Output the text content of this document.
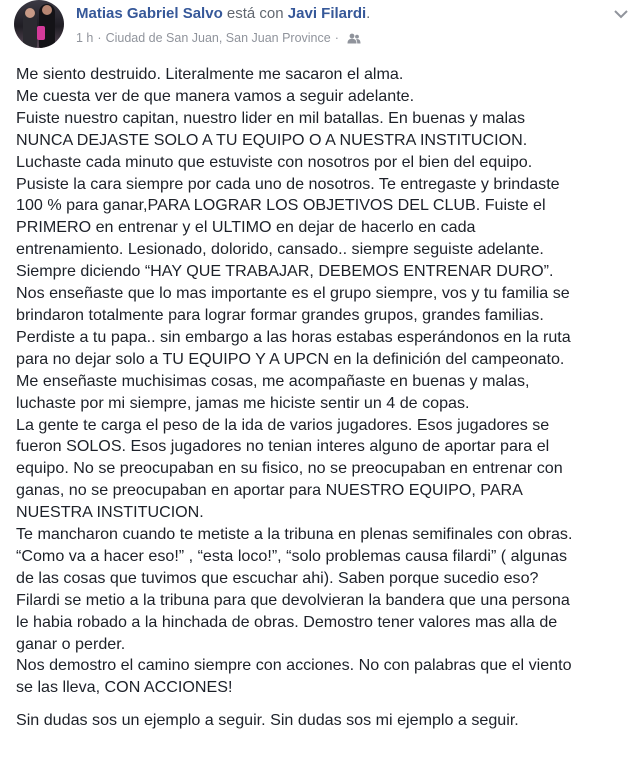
Matias Gabriel Salvo está con Javi Filardi.
1 h · Ciudad de San Juan, San Juan Province ·

Me siento destruido. Literalmente me sacaron el alma.

Me cuesta ver de que manera vamos a seguir adelante.

Fuiste nuestro capitan, nuestro lider en mil batallas. En buenas y malas

NUNCA DEJASTE SOLO A TU EQUIPO O A NUESTRA INSTITUCION.

Luchaste cada minuto que estuviste con nosotros por el bien del equipo.

Pusiste la cara siempre por cada uno de nosotros. Te entregaste y brindaste

100 % para ganar,PARA LOGRAR LOS OBJETIVOS DEL CLUB. Fuiste el

PRIMERO en entrenar y el ULTIMO en dejar de hacerlo en cada

entrenamiento. Lesionado, dolorido, cansado.. siempre seguiste adelante.

Siempre diciendo “HAY QUE TRABAJAR, DEBEMOS ENTRENAR DURO”.

Nos enseñaste que lo mas importante es el grupo siempre, vos y tu familia se

brindaron totalmente para lograr formar grandes grupos, grandes familias.

Perdiste a tu papa.. sin embargo a las horas estabas esperándonos en la ruta

para no dejar solo a TU EQUIPO Y A UPCN en la definición del campeonato.

Me enseñaste muchisimas cosas, me acompañaste en buenas y malas,

luchaste por mi siempre, jamas me hiciste sentir un 4 de copas.

La gente te carga el peso de la ida de varios jugadores. Esos jugadores se

fueron SOLOS. Esos jugadores no tenian interes alguno de aportar para el

equipo. No se preocupaban en su fisico, no se preocupaban en entrenar con

ganas, no se preocupaban en aportar para NUESTRO EQUIPO, PARA

NUESTRA INSTITUCION.

Te mancharon cuando te metiste a la tribuna en plenas semifinales con obras.

“Como va a hacer eso!” , “esta loco!”, “solo problemas causa filardi” ( algunas

de las cosas que tuvimos que escuchar ahi). Saben porque sucedio eso?

Filardi se metio a la tribuna para que devolvieran la bandera que una persona

le habia robado a la hinchada de obras. Demostro tener valores mas alla de

ganar o perder.

Nos demostro el camino siempre con acciones. No con palabras que el viento

se las lleva, CON ACCIONES!

Sin dudas sos un ejemplo a seguir. Sin dudas sos mi ejemplo a seguir.
